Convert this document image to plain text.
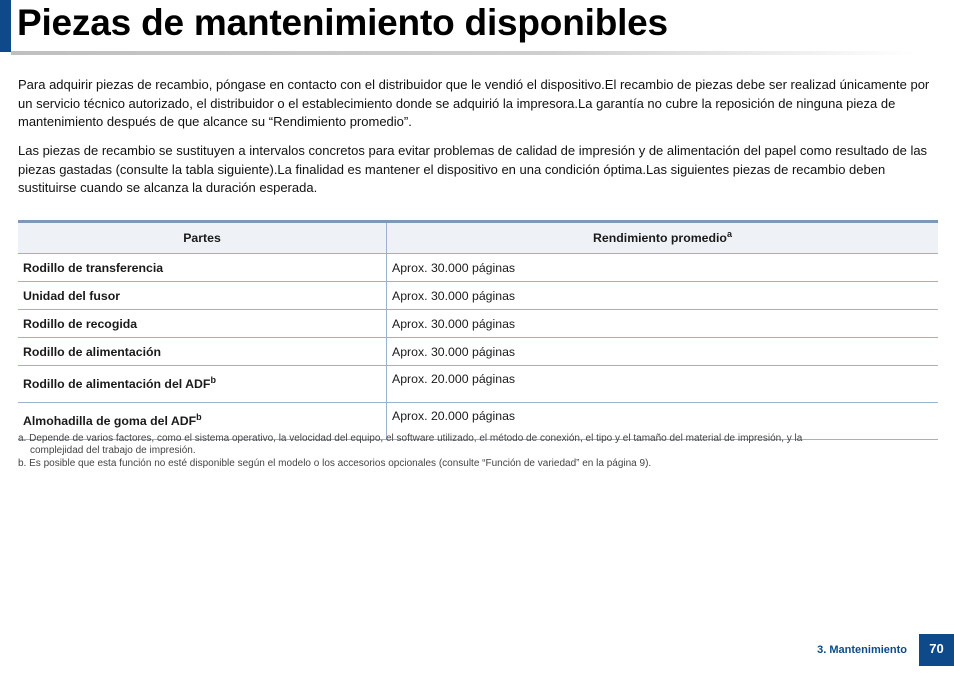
Piezas de mantenimiento disponibles

Para adquirir piezas de recambio, póngase en contacto con el distribuidor que le vendió el dispositivo.El recambio de piezas debe ser realizad únicamente por un servicio técnico autorizado, el distribuidor o el establecimiento donde se adquirió la impresora.La garantía no cubre la reposición de ninguna pieza de mantenimiento después de que alcance su “Rendimiento promedio”.

Las piezas de recambio se sustituyen a intervalos concretos para evitar problemas de calidad de impresión y de alimentación del papel como resultado de las piezas gastadas (consulte la tabla siguiente).La finalidad es mantener el dispositivo en una condición óptima.Las siguientes piezas de recambio deben sustituirse cuando se alcanza la duración esperada.

Partes	Rendimiento promedio$^a$
Rodillo de transferencia	Aprox. 30.000 páginas
Unidad del fusor	Aprox. 30.000 páginas
Rodillo de recogida	Aprox. 30.000 páginas
Rodillo de alimentación	Aprox. 30.000 páginas
Rodillo de alimentación del ADF$^b$	Aprox. 20.000 páginas
Almohadilla de goma del ADF$^b$	Aprox. 20.000 páginas

a. Depende de varios factores, como el sistema operativo, la velocidad del equipo, el software utilizado, el método de conexión, el tipo y el tamaño del material de impresión, y la
complejidad del trabajo de impresión.

b. Es posible que esta función no esté disponible según el modelo o los accesorios opcionales (consulte “Función de variedad” en la página 9).

3. Mantenimiento	70
